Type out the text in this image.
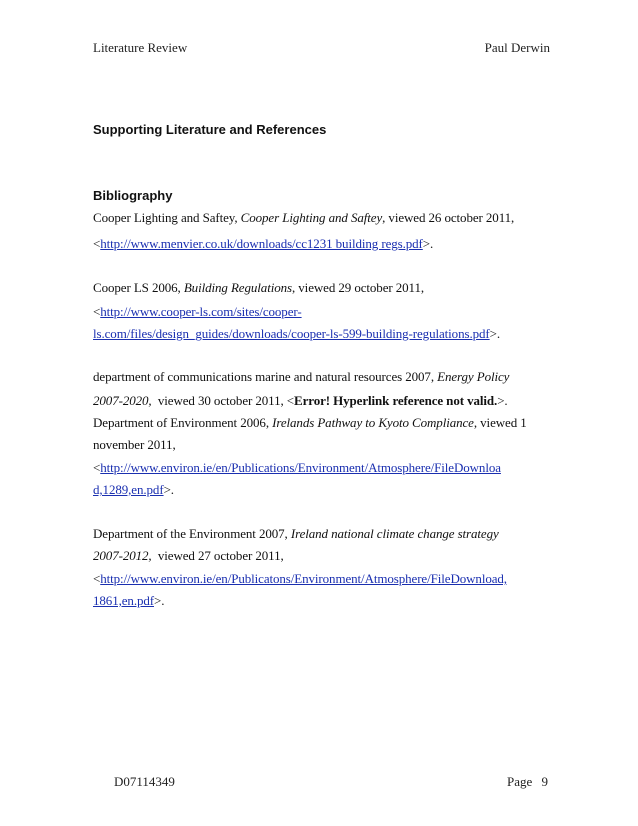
Literature Review	Paul Derwin
Supporting Literature and References
Bibliography
Cooper Lighting and Saftey, Cooper Lighting and Saftey, viewed 26 october 2011,
<http://www.menvier.co.uk/downloads/cc1231 building regs.pdf>.
Cooper LS 2006, Building Regulations, viewed 29 october 2011,
<http://www.cooper-ls.com/sites/cooper-
ls.com/files/design_guides/downloads/cooper-ls-599-building-regulations.pdf>.
department of communications marine and natural resources 2007, Energy Policy
2007-2020,  viewed 30 october 2011, <Error! Hyperlink reference not valid.>.
Department of Environment 2006, Irelands Pathway to Kyoto Compliance, viewed 1
november 2011,
<http://www.environ.ie/en/Publications/Environment/Atmosphere/FileDownloa
d,1289,en.pdf>.
Department of the Environment 2007, Ireland national climate change strategy
2007-2012,  viewed 27 october 2011,
<http://www.environ.ie/en/Publicatons/Environment/Atmosphere/FileDownload,
1861,en.pdf>.
D07114349	Page 9
